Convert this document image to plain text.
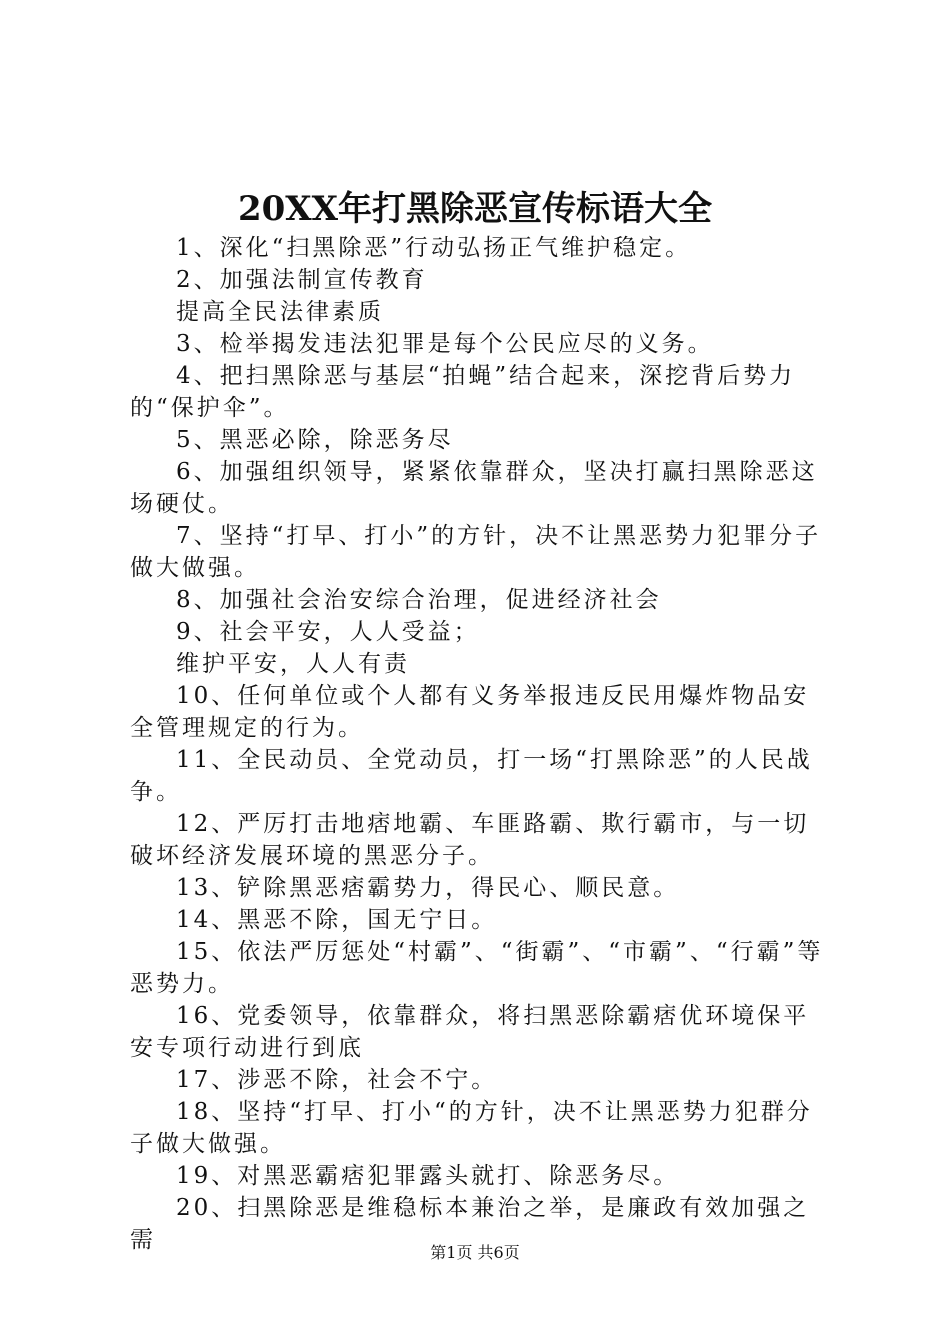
20XX年打黑除恶宣传标语大全

1、深化“扫黑除恶”行动弘扬正气维护稳定。

2、加强法制宣传教育

提高全民法律素质

3、检举揭发违法犯罪是每个公民应尽的义务。

4、把扫黑除恶与基层“拍蝇”结合起来，深挖背后势力的“保护伞”。

5、黑恶必除，除恶务尽

6、加强组织领导，紧紧依靠群众，坚决打赢扫黑除恶这场硬仗。

7、坚持“打早、打小”的方针，决不让黑恶势力犯罪分子做大做强。

8、加强社会治安综合治理，促进经济社会

9、社会平安，人人受益；

维护平安，人人有责

10、任何单位或个人都有义务举报违反民用爆炸物品安全管理规定的行为。

11、全民动员、全党动员，打一场“打黑除恶”的人民战争。

12、严厉打击地痞地霸、车匪路霸、欺行霸市，与一切破坏经济发展环境的黑恶分子。

13、铲除黑恶痞霸势力，得民心、顺民意。

14、黑恶不除，国无宁日。

15、依法严厉惩处“村霸”、“街霸”、“市霸”、“行霸”等恶势力。

16、党委领导，依靠群众，将扫黑恶除霸痞优环境保平安专项行动进行到底

17、涉恶不除，社会不宁。

18、坚持“打早、打小“的方针，决不让黑恶势力犯群分子做大做强。

19、对黑恶霸痞犯罪露头就打、除恶务尽。

20、扫黑除恶是维稳标本兼治之举，是廉政有效加强之需	第1页 共6页
